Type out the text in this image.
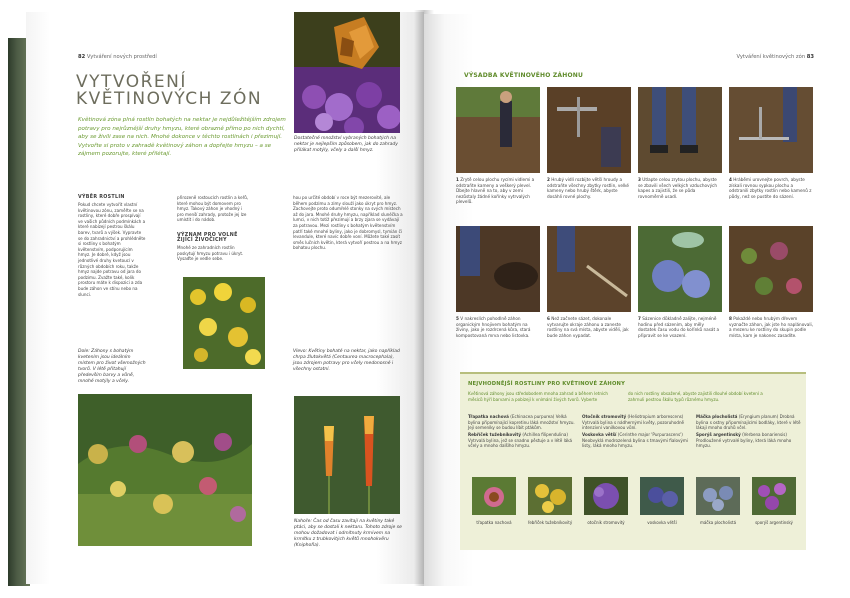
82 Vytváření nových prostředí
VYTVOŘENÍ
KVĚTINOVÝCH ZÓN

Květinová zóna plná rostlin bohatých na nektar je nejdůležitějším zdrojem potravy pro nejrůznější druhy hmyzu, které obrazně přímo po nich dychtí, aby se živili zase na nich. Mnohé dokonce v těchto rostlinách i přezimují. Vytvořte si proto v zahradě květinový záhon a dopřejte hmyzu – a se zájmem pozorujte, které přilétají.

Dostatečné množství vybraných bohatých na nektar je nejlepším způsobem, jak do zahrady přilákat motýly, včely a další hmyz.

VÝBĚR ROSTLIN

Pokud chcete vytvořit vlastní květinovou zónu, zaměřte se na rostliny, které dobře prospívají ve vašich půdních podmínkách a které nabízejí pestrou škálu barev, tvarů a výšek. Vypravte se do zahradnictví a prohlédněte si rostliny s bohatým květenstvím, podporujícím hmyz. Je dobré, když jsou jednotlivé druhy kvetoucí v různých obdobích roku, takže hmyz najde potravu od jara do podzimu. Zvažte také, kolik prostoru máte k dispozici a zda bude záhon ve stínu nebo na slunci.

přirozeně rostoucích rostlin a keřů, které mohou být domovem pro hmyz. Takový záhon je vhodný i pro menší zahrady, protože jej lze umístit i do nádob.

VÝZNAM PRO VOLNĚ ŽIJÍCÍ ŽIVOČICHY

Mnohé ze zahradních rostlin poskytují hmyzu potravu i úkryt. Vysaďte je vedle sebe.

hou po určité období v roce být mezerovité, ale během podzimu a zimy slouží jako úkryt pro hmyz. Zachovejte proto odumřelé stonky na svých místech až do jara. Mnohé druhy hmyzu, například slunéčka a lumci, v nich totiž přezimují a brzy zjara se vydávají za potravou. Mezi rostliny s bohatým květenstvím patří také mnohé byliny, jako je dobromysl, tymián či levandule, které navíc dobře voní. Můžete také zasít směs lučních květin, která vytvoří pestrou a na hmyz bohatou plochu.

Dole: Záhony s bohatým kvetením jsou ideálním místem pro život všemožných tvorů. V létě přitahují především barvy a vůně, mnohé motýly a včely.

Vlevo: Květiny bohaté na nektar, jako například chrpa žlutokvětá (Centaurea macrocephala), jsou zdrojem potravy pro včely medonosné i všechny ostatní.

Nahoře: Čas od času zavítají na květiny také ptáci, aby se dostali k nektaru. Tohoto zdroje se mohou dožadovat i odmítnuty krmivem na krmítku z trubkovitých květů mnohokvěru (Kniphofia).

Vytváření květinových zón 83
VÝSADBA KVĚTINOVÉHO ZÁHONU

1 Zrytě celou plochu rycími vidlemi a odstraňte kameny a veškerý plevel. Dbejte hlavně na to, aby v zemi nezůstaly žádné kořínky vytrvalých plevelů.

2 Hrubý vidlí rozbijte větší hroudy a odstraňte všechny zbytky rostlin, velké kameny nebo hrubý štěrk, abyste dosáhli rovné plochy.

3 Utlapte celou zrytou plochu, abyste se zbavili všech velkých vzduchových kapes a zajistili, že se půda rovnoměrně usadí.

4 Hráběmi urovnejte povrch, abyste získali rovnou sypkou plochu a odstranili zbytky rostlin nebo kamenů z půdy, než se pustíte do sázení.

5 V nakreslích pohodlně záhon organickým hnojivem bohatým na živiny, jako je rozdrcená kůra, stará kompostovaná mrva nebo listovka.

6 Než začnete sázet, dokonale vytvarujte okraje záhonu a zaneste rostliny na svá místa, abyste viděli, jak bude záhon vypadat.

7 Sázenice důkladně zalijte, nejméně hodinu před sázením, aby měly dostatek času vodu do kořínků nasát a připravit se ke vsazení.

8 Pokaždé nebo hrubým dřevem vyznačte záhon, jak jste ho naplánovali, a mezeru ke rostliny do skupin podle místa, kam je nakonec zasadíte.

NEJVHODNĚJŠÍ ROSTLINY PRO KVĚTINOVÉ ZÁHONY

Květinová záhony jsou středobodem mnoha zahrad a během letních měsíců hýří barvami a pobízejí k vnímání živých tvorů. Vyberte

do nich rostliny obsažené, abyste zajistili dlouhé období kvetení a zahrnuli pestrou škálu typů různému hmyzu.

Třapatka nachová (Echinacea purpurea) Velká bylina připomínající kopretinu láká množství hmyzu. Její semeníky se budou líbit ptákům.

Rebříček tužebníkovitý (Achillea filipendulina) Vytrvalá bylina, jež se snadno pěstuje a v létě láká včely a mnoho dalšího hmyzu.

Otočník stromovitý (Heliotropium arborescens) Vytrvalá bylina s nádhernými květy, pozoruhodně intenzivní vanilkovou vůní.

Voskovka větší (Cerinthe major 'Purpurascens') Neobvyklá modrozelená bylina s tmavými fialovými listy, láká mnoho hmyzu.

Máčka plocholistá (Eryngium planum) Drobná bylina s ostny připomínajícími bodláky, které v létě lákají mnoho druhů včel.

Sporýš argentinský (Verbena bonariensis) Prodloužené vytrvalé byliny, která láká mnoho hmyzu.

třapatka nachová	řebříček tužebníkovitý	otočník stromovitý	voskovka větší	máčka plocholistá	sporýš argentinský
